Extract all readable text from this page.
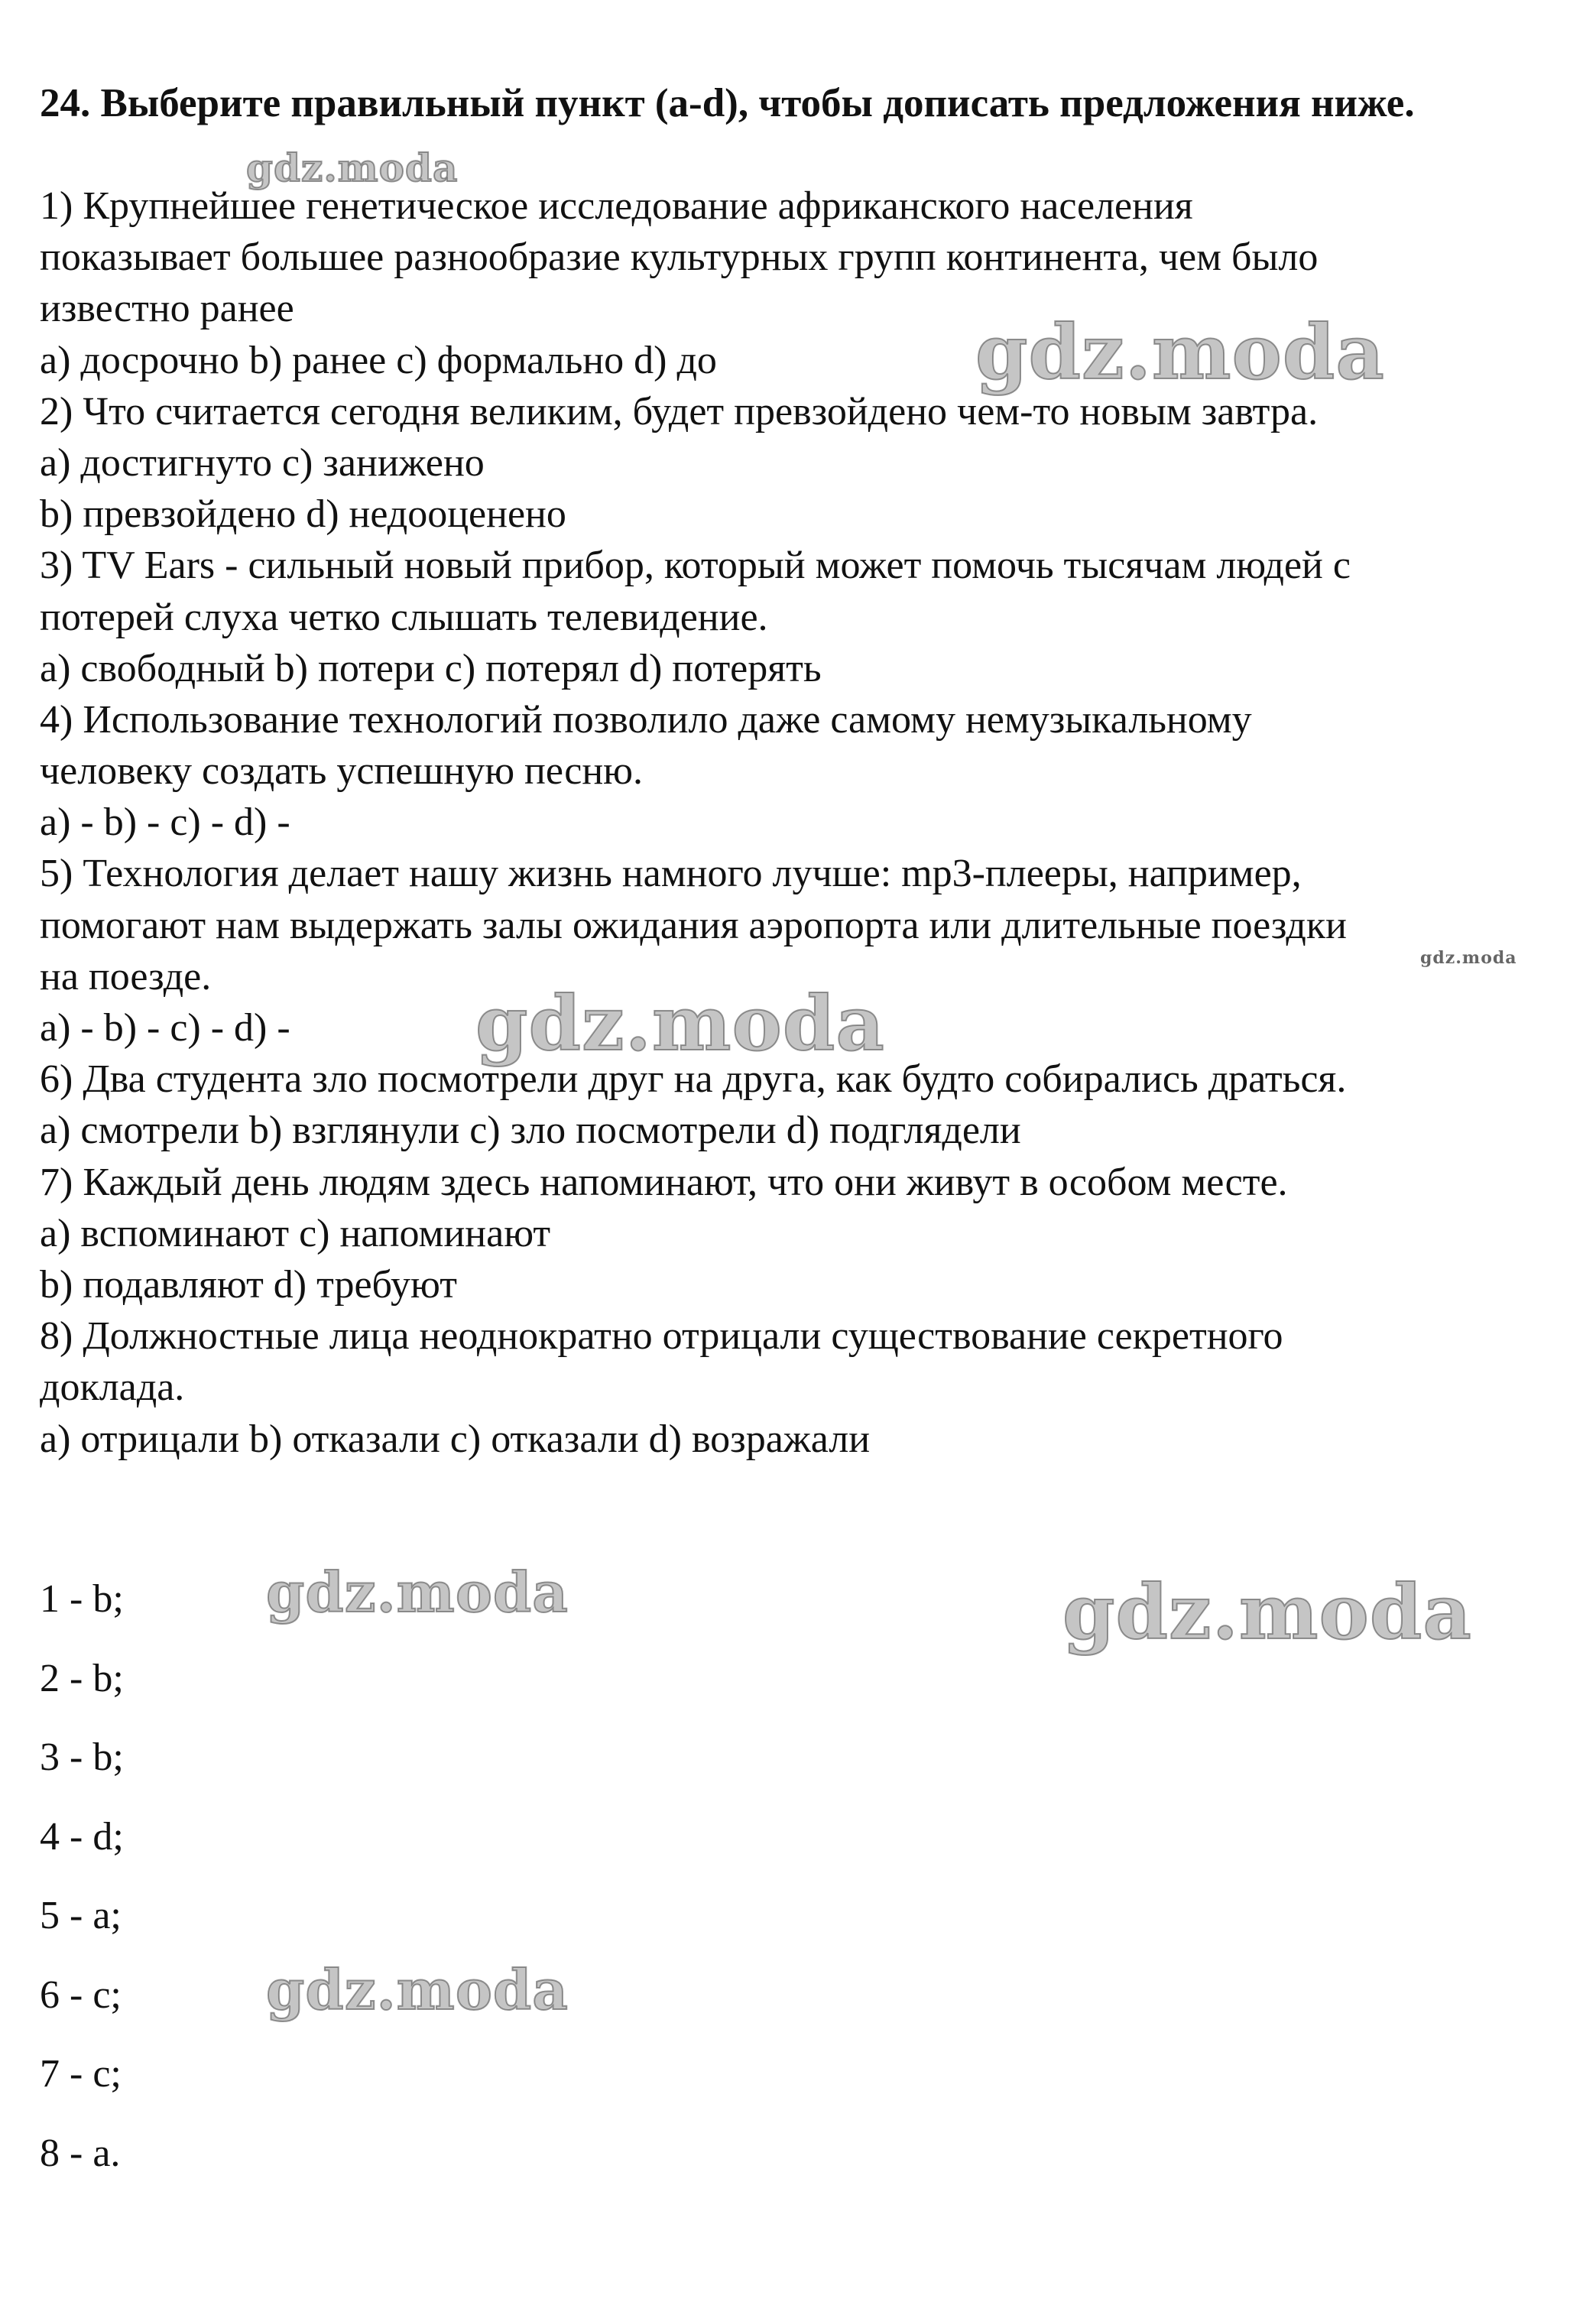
24. Выберите правильный пункт (a-d), чтобы дописать предложения ниже.

1) Крупнейшее генетическое исследование африканского населения
показывает большее разнообразие культурных групп континента, чем было
известно ранее
a) досрочно b) ранее c) формально d) до
2) Что считается сегодня великим, будет превзойдено чем-то новым завтра.
a) достигнуто c) занижено
b) превзойдено d) недооценено
3) TV Ears - сильный новый прибор, который может помочь тысячам людей с
потерей слуха четко слышать телевидение.
a) свободный b) потери c) потерял d) потерять
4) Использование технологий позволило даже самому немузыкальному
человеку создать успешную песню.
a) - b) - c) - d) -
5) Технология делает нашу жизнь намного лучше: mp3-плееры, например,
помогают нам выдержать залы ожидания аэропорта или длительные поездки
на поезде.
a) - b) - c) - d) -
6) Два студента зло посмотрели друг на друга, как будто собирались драться.
a) смотрели b) взглянули c) зло посмотрели d) подглядели
7) Каждый день людям здесь напоминают, что они живут в особом месте.
a) вспоминают c) напоминают
b) подавляют d) требуют
8) Должностные лица неоднократно отрицали существование секретного
доклада.
a) отрицали b) отказали c) отказали d) возражали
1 - b;
2 - b;
3 - b;
4 - d;
5 - a;
6 - c;
7 - c;
8 - a.
gdz.moda
gdz.moda
gdz.moda
gdz.moda
gdz.moda	gdz.moda
gdz.moda
